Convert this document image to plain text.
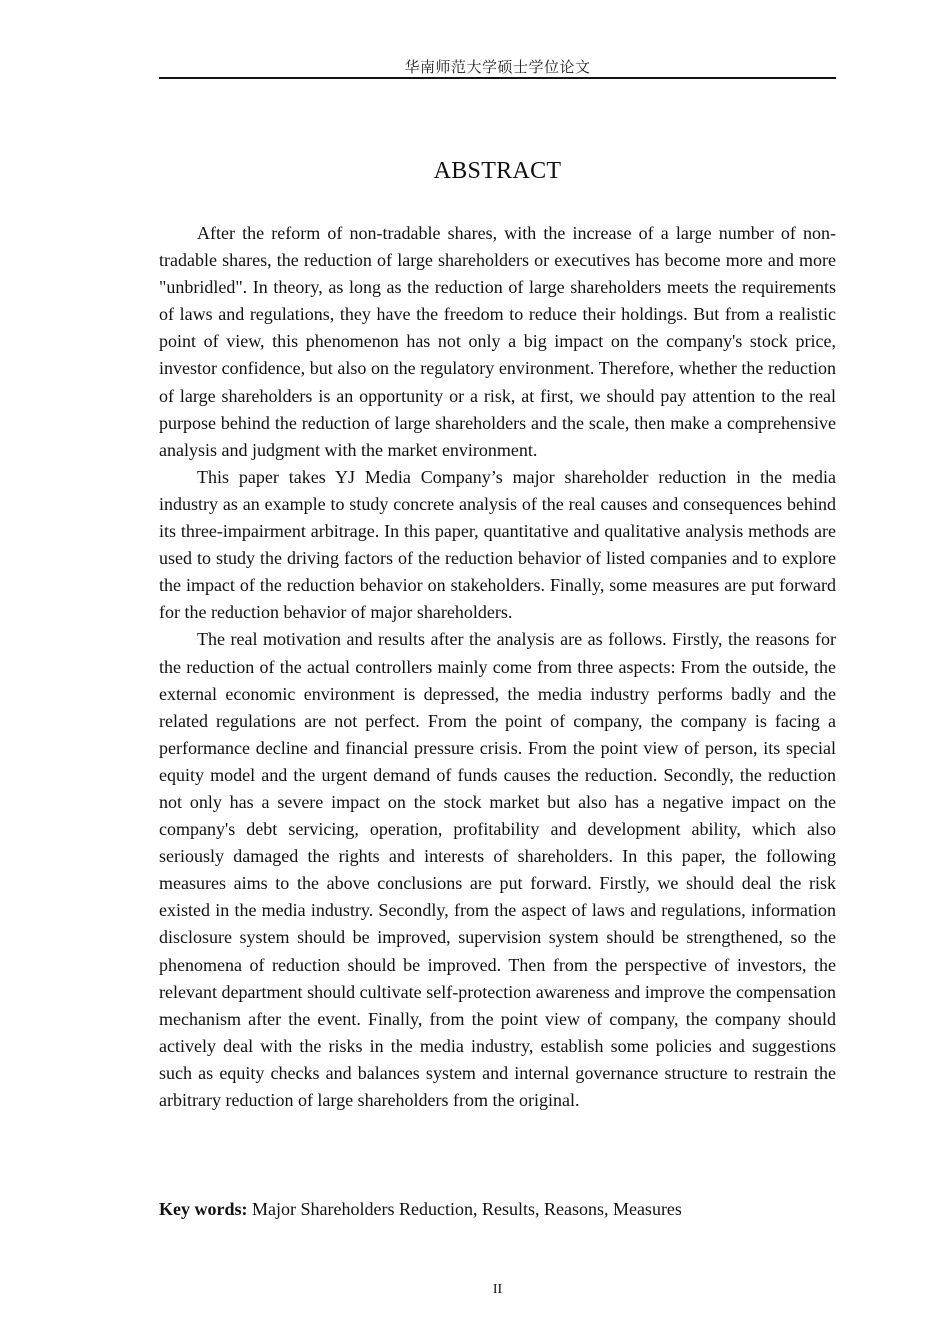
华南师范大学硕士学位论文
ABSTRACT

After the reform of non-tradable shares, with the increase of a large number of non-tradable shares, the reduction of large shareholders or executives has become more and more "unbridled". In theory, as long as the reduction of large shareholders meets the requirements of laws and regulations, they have the freedom to reduce their holdings. But from a realistic point of view, this phenomenon has not only a big impact on the company's stock price, investor confidence, but also on the regulatory environment. Therefore, whether the reduction of large shareholders is an opportunity or a risk, at first, we should pay attention to the real purpose behind the reduction of large shareholders and the scale, then make a comprehensive analysis and judgment with the market environment.

This paper takes YJ Media Company’s major shareholder reduction in the media industry as an example to study concrete analysis of the real causes and consequences behind its three-impairment arbitrage. In this paper, quantitative and qualitative analysis methods are used to study the driving factors of the reduction behavior of listed companies and to explore the impact of the reduction behavior on stakeholders. Finally, some measures are put forward for the reduction behavior of major shareholders.

The real motivation and results after the analysis are as follows. Firstly, the reasons for the reduction of the actual controllers mainly come from three aspects: From the outside, the external economic environment is depressed, the media industry performs badly and the related regulations are not perfect. From the point of company, the company is facing a performance decline and financial pressure crisis. From the point view of person, its special equity model and the urgent demand of funds causes the reduction. Secondly, the reduction not only has a severe impact on the stock market but also has a negative impact on the company's debt servicing, operation, profitability and development ability, which also seriously damaged the rights and interests of shareholders. In this paper, the following measures aims to the above conclusions are put forward. Firstly, we should deal the risk existed in the media industry. Secondly, from the aspect of laws and regulations, information disclosure system should be improved, supervision system should be strengthened, so the phenomena of reduction should be improved. Then from the perspective of investors, the relevant department should cultivate self-protection awareness and improve the compensation mechanism after the event. Finally, from the point view of company, the company should actively deal with the risks in the media industry, establish some policies and suggestions such as equity checks and balances system and internal governance structure to restrain the arbitrary reduction of large shareholders from the original.

Key words: Major Shareholders Reduction, Results, Reasons, Measures

II
